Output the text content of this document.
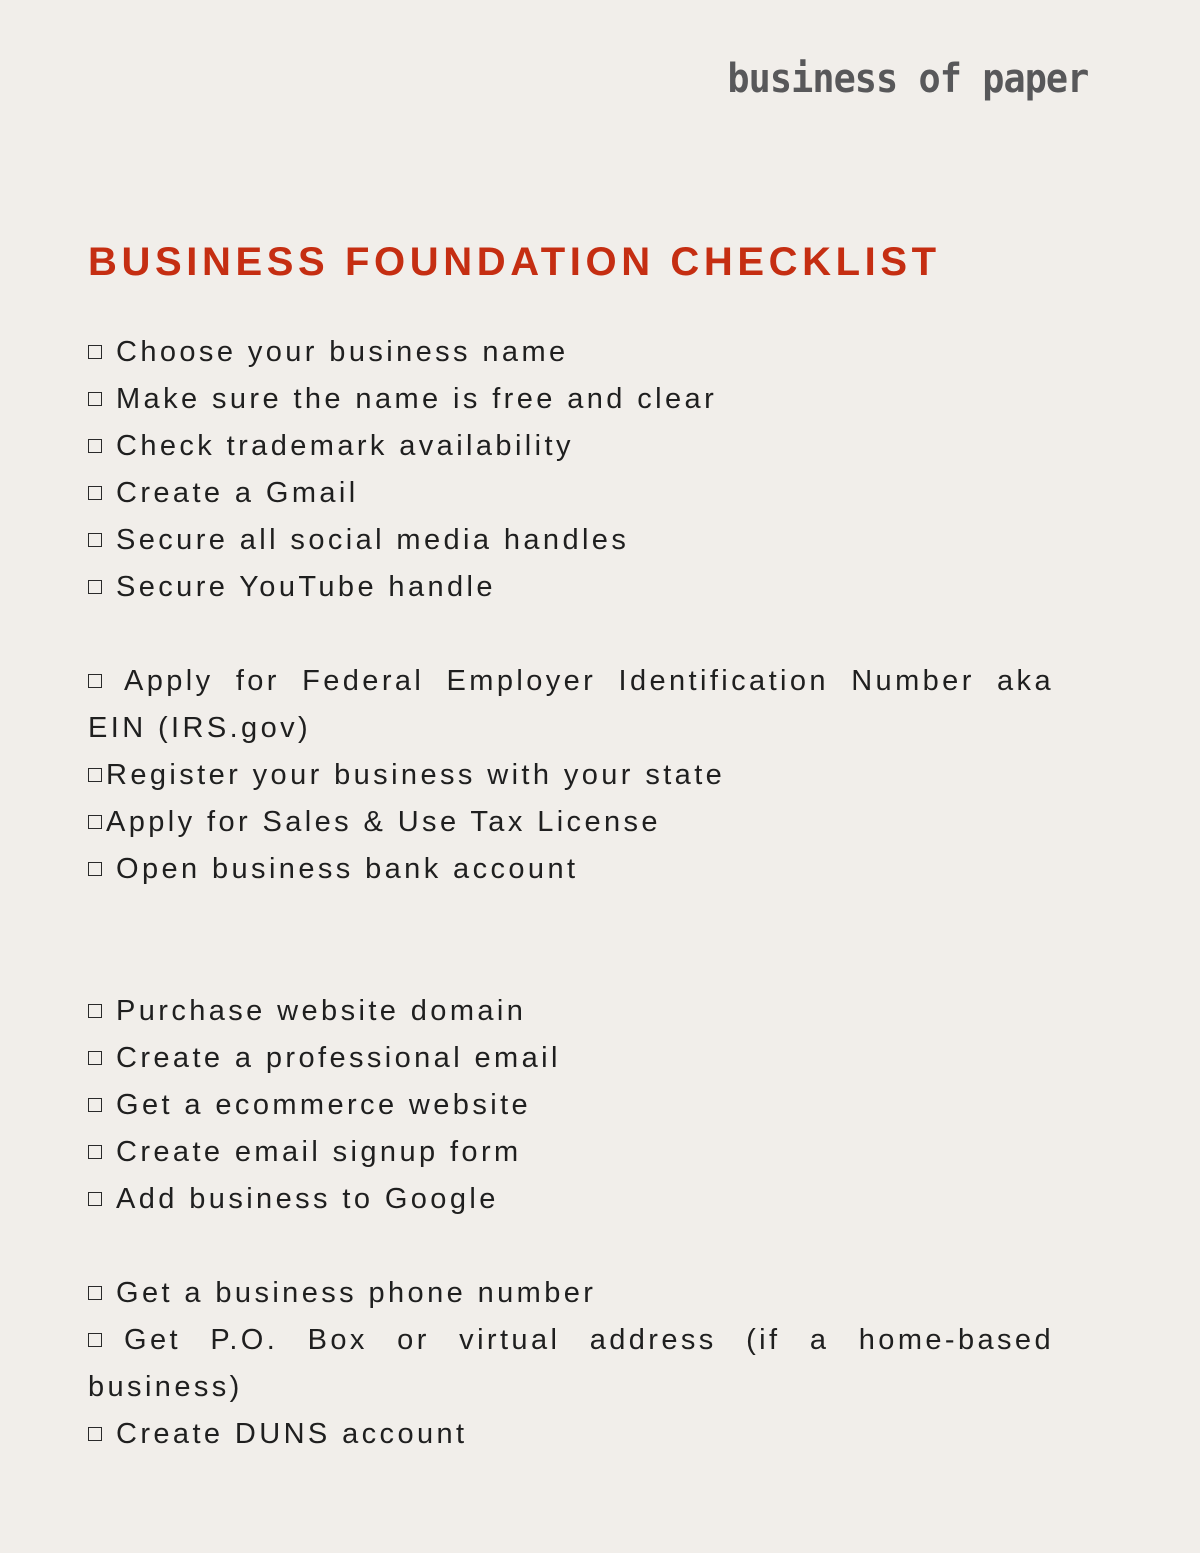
business of paper
BUSINESS FOUNDATION CHECKLIST
Choose your business name
Make sure the name is free and clear
Check trademark availability
Create a Gmail
Secure all social media handles
Secure YouTube handle
Apply for Federal Employer Identification Number aka EIN (IRS.gov)
Register your business with your state
Apply for Sales & Use Tax License
Open business bank account
Purchase website domain
Create a professional email
Get a ecommerce website
Create email signup form
Add business to Google
Get a business phone number
Get P.O. Box or virtual address (if a home-based business)
Create DUNS account
